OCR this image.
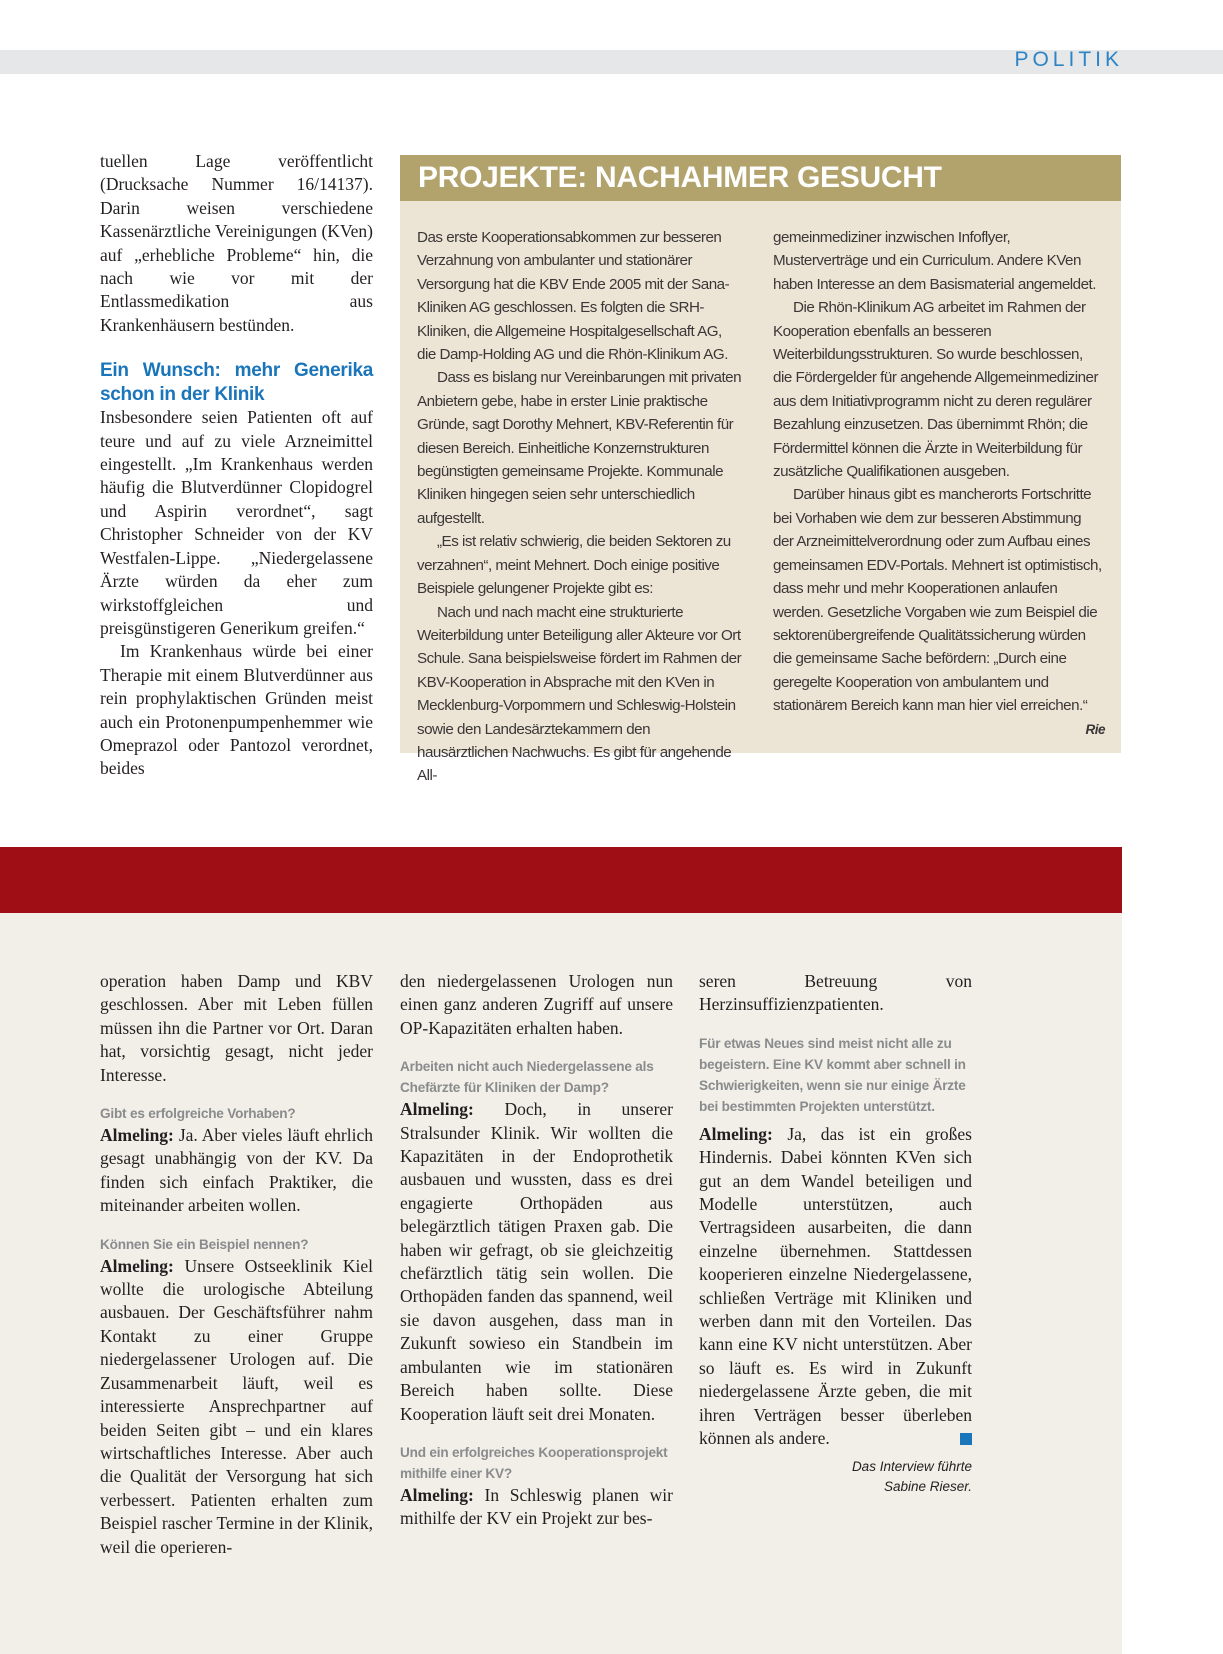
POLITIK

tuellen Lage veröffentlicht (Drucksache Nummer 16/14137). Darin weisen verschiedene Kassenärztliche Vereinigungen (KVen) auf „erhebliche Probleme“ hin, die nach wie vor mit der Entlassmedikation aus Krankenhäusern bestünden.

Ein Wunsch: mehr Generika schon in der Klinik

Insbesondere seien Patienten oft auf teure und auf zu viele Arzneimittel eingestellt. „Im Krankenhaus werden häufig die Blutverdünner Clopidogrel und Aspirin verordnet“, sagt Christopher Schneider von der KV Westfalen-Lippe. „Niedergelassene Ärzte würden da eher zum wirkstoffgleichen und preisgünstigeren Generikum greifen.“

Im Krankenhaus würde bei einer Therapie mit einem Blutverdünner aus rein prophylaktischen Gründen meist auch ein Protonenpumpenhemmer wie Omeprazol oder Pantozol verordnet, beides

PROJEKTE: NACHAHMER GESUCHT

Das erste Kooperationsabkommen zur besseren Verzahnung von ambulanter und stationärer Versorgung hat die KBV Ende 2005 mit der Sana-Kliniken AG geschlossen. Es folgten die SRH-Kliniken, die Allgemeine Hospitalgesellschaft AG, die Damp-Holding AG und die Rhön-Klinikum AG.

Dass es bislang nur Vereinbarungen mit privaten Anbietern gebe, habe in erster Linie praktische Gründe, sagt Dorothy Mehnert, KBV-Referentin für diesen Bereich. Einheitliche Konzernstrukturen begünstigten gemeinsame Projekte. Kommunale Kliniken hingegen seien sehr unterschiedlich aufgestellt.

„Es ist relativ schwierig, die beiden Sektoren zu verzahnen“, meint Mehnert. Doch einige positive Beispiele gelungener Projekte gibt es:

Nach und nach macht eine strukturierte Weiterbildung unter Beteiligung aller Akteure vor Ort Schule. Sana beispielsweise fördert im Rahmen der KBV-Kooperation in Absprache mit den KVen in Mecklenburg-Vorpommern und Schleswig-Holstein sowie den Landesärztekammern den hausärztlichen Nachwuchs. Es gibt für angehende All-

gemeinmediziner inzwischen Infoflyer, Musterverträge und ein Curriculum. Andere KVen haben Interesse an dem Basismaterial angemeldet.

Die Rhön-Klinikum AG arbeitet im Rahmen der Kooperation ebenfalls an besseren Weiterbildungsstrukturen. So wurde beschlossen, die Fördergelder für angehende Allgemeinmediziner aus dem Initiativprogramm nicht zu deren regulärer Bezahlung einzusetzen. Das übernimmt Rhön; die Fördermittel können die Ärzte in Weiterbildung für zusätzliche Qualifikationen ausgeben.

Darüber hinaus gibt es mancherorts Fortschritte bei Vorhaben wie dem zur besseren Abstimmung der Arzneimittelverordnung oder zum Aufbau eines gemeinsamen EDV-Portals. Mehnert ist optimistisch, dass mehr und mehr Kooperationen anlaufen werden. Gesetzliche Vorgaben wie zum Beispiel die sektorenübergreifende Qualitätssicherung würden die gemeinsame Sache befördern: „Durch eine geregelte Kooperation von ambulantem und stationärem Bereich kann man hier viel erreichen.“
Rie

operation haben Damp und KBV geschlossen. Aber mit Leben füllen müssen ihn die Partner vor Ort. Daran hat, vorsichtig gesagt, nicht jeder Interesse.

Gibt es erfolgreiche Vorhaben?

Almeling: Ja. Aber vieles läuft ehrlich gesagt unabhängig von der KV. Da finden sich einfach Praktiker, die miteinander arbeiten wollen.

Können Sie ein Beispiel nennen?

Almeling: Unsere Ostseeklinik Kiel wollte die urologische Abteilung ausbauen. Der Geschäftsführer nahm Kontakt zu einer Gruppe niedergelassener Urologen auf. Die Zusammenarbeit läuft, weil es interessierte Ansprechpartner auf beiden Seiten gibt – und ein klares wirtschaftliches Interesse. Aber auch die Qualität der Versorgung hat sich verbessert. Patienten erhalten zum Beispiel rascher Termine in der Klinik, weil die operieren-

den niedergelassenen Urologen nun einen ganz anderen Zugriff auf unsere OP-Kapazitäten erhalten haben.

Arbeiten nicht auch Niedergelassene als Chefärzte für Kliniken der Damp?

Almeling: Doch, in unserer Stralsunder Klinik. Wir wollten die Kapazitäten in der Endoprothetik ausbauen und wussten, dass es drei engagierte Orthopäden aus belegärztlich tätigen Praxen gab. Die haben wir gefragt, ob sie gleichzeitig chefärztlich tätig sein wollen. Die Orthopäden fanden das spannend, weil sie davon ausgehen, dass man in Zukunft sowieso ein Standbein im ambulanten wie im stationären Bereich haben sollte. Diese Kooperation läuft seit drei Monaten.

Und ein erfolgreiches Kooperationsprojekt mithilfe einer KV?

Almeling: In Schleswig planen wir mithilfe der KV ein Projekt zur bes-

seren Betreuung von Herzinsuffizienzpatienten.

Für etwas Neues sind meist nicht alle zu begeistern. Eine KV kommt aber schnell in Schwierigkeiten, wenn sie nur einige Ärzte bei bestimmten Projekten unterstützt.

Almeling: Ja, das ist ein großes Hindernis. Dabei könnten KVen sich gut an dem Wandel beteiligen und Modelle unterstützen, auch Vertragsideen ausarbeiten, die dann einzelne übernehmen. Stattdessen kooperieren einzelne Niedergelassene, schließen Verträge mit Kliniken und werben dann mit den Vorteilen. Das kann eine KV nicht unterstützen. Aber so läuft es. Es wird in Zukunft niedergelassene Ärzte geben, die mit ihren Verträgen besser überleben können als andere.

Das Interview führte
Sabine Rieser.
